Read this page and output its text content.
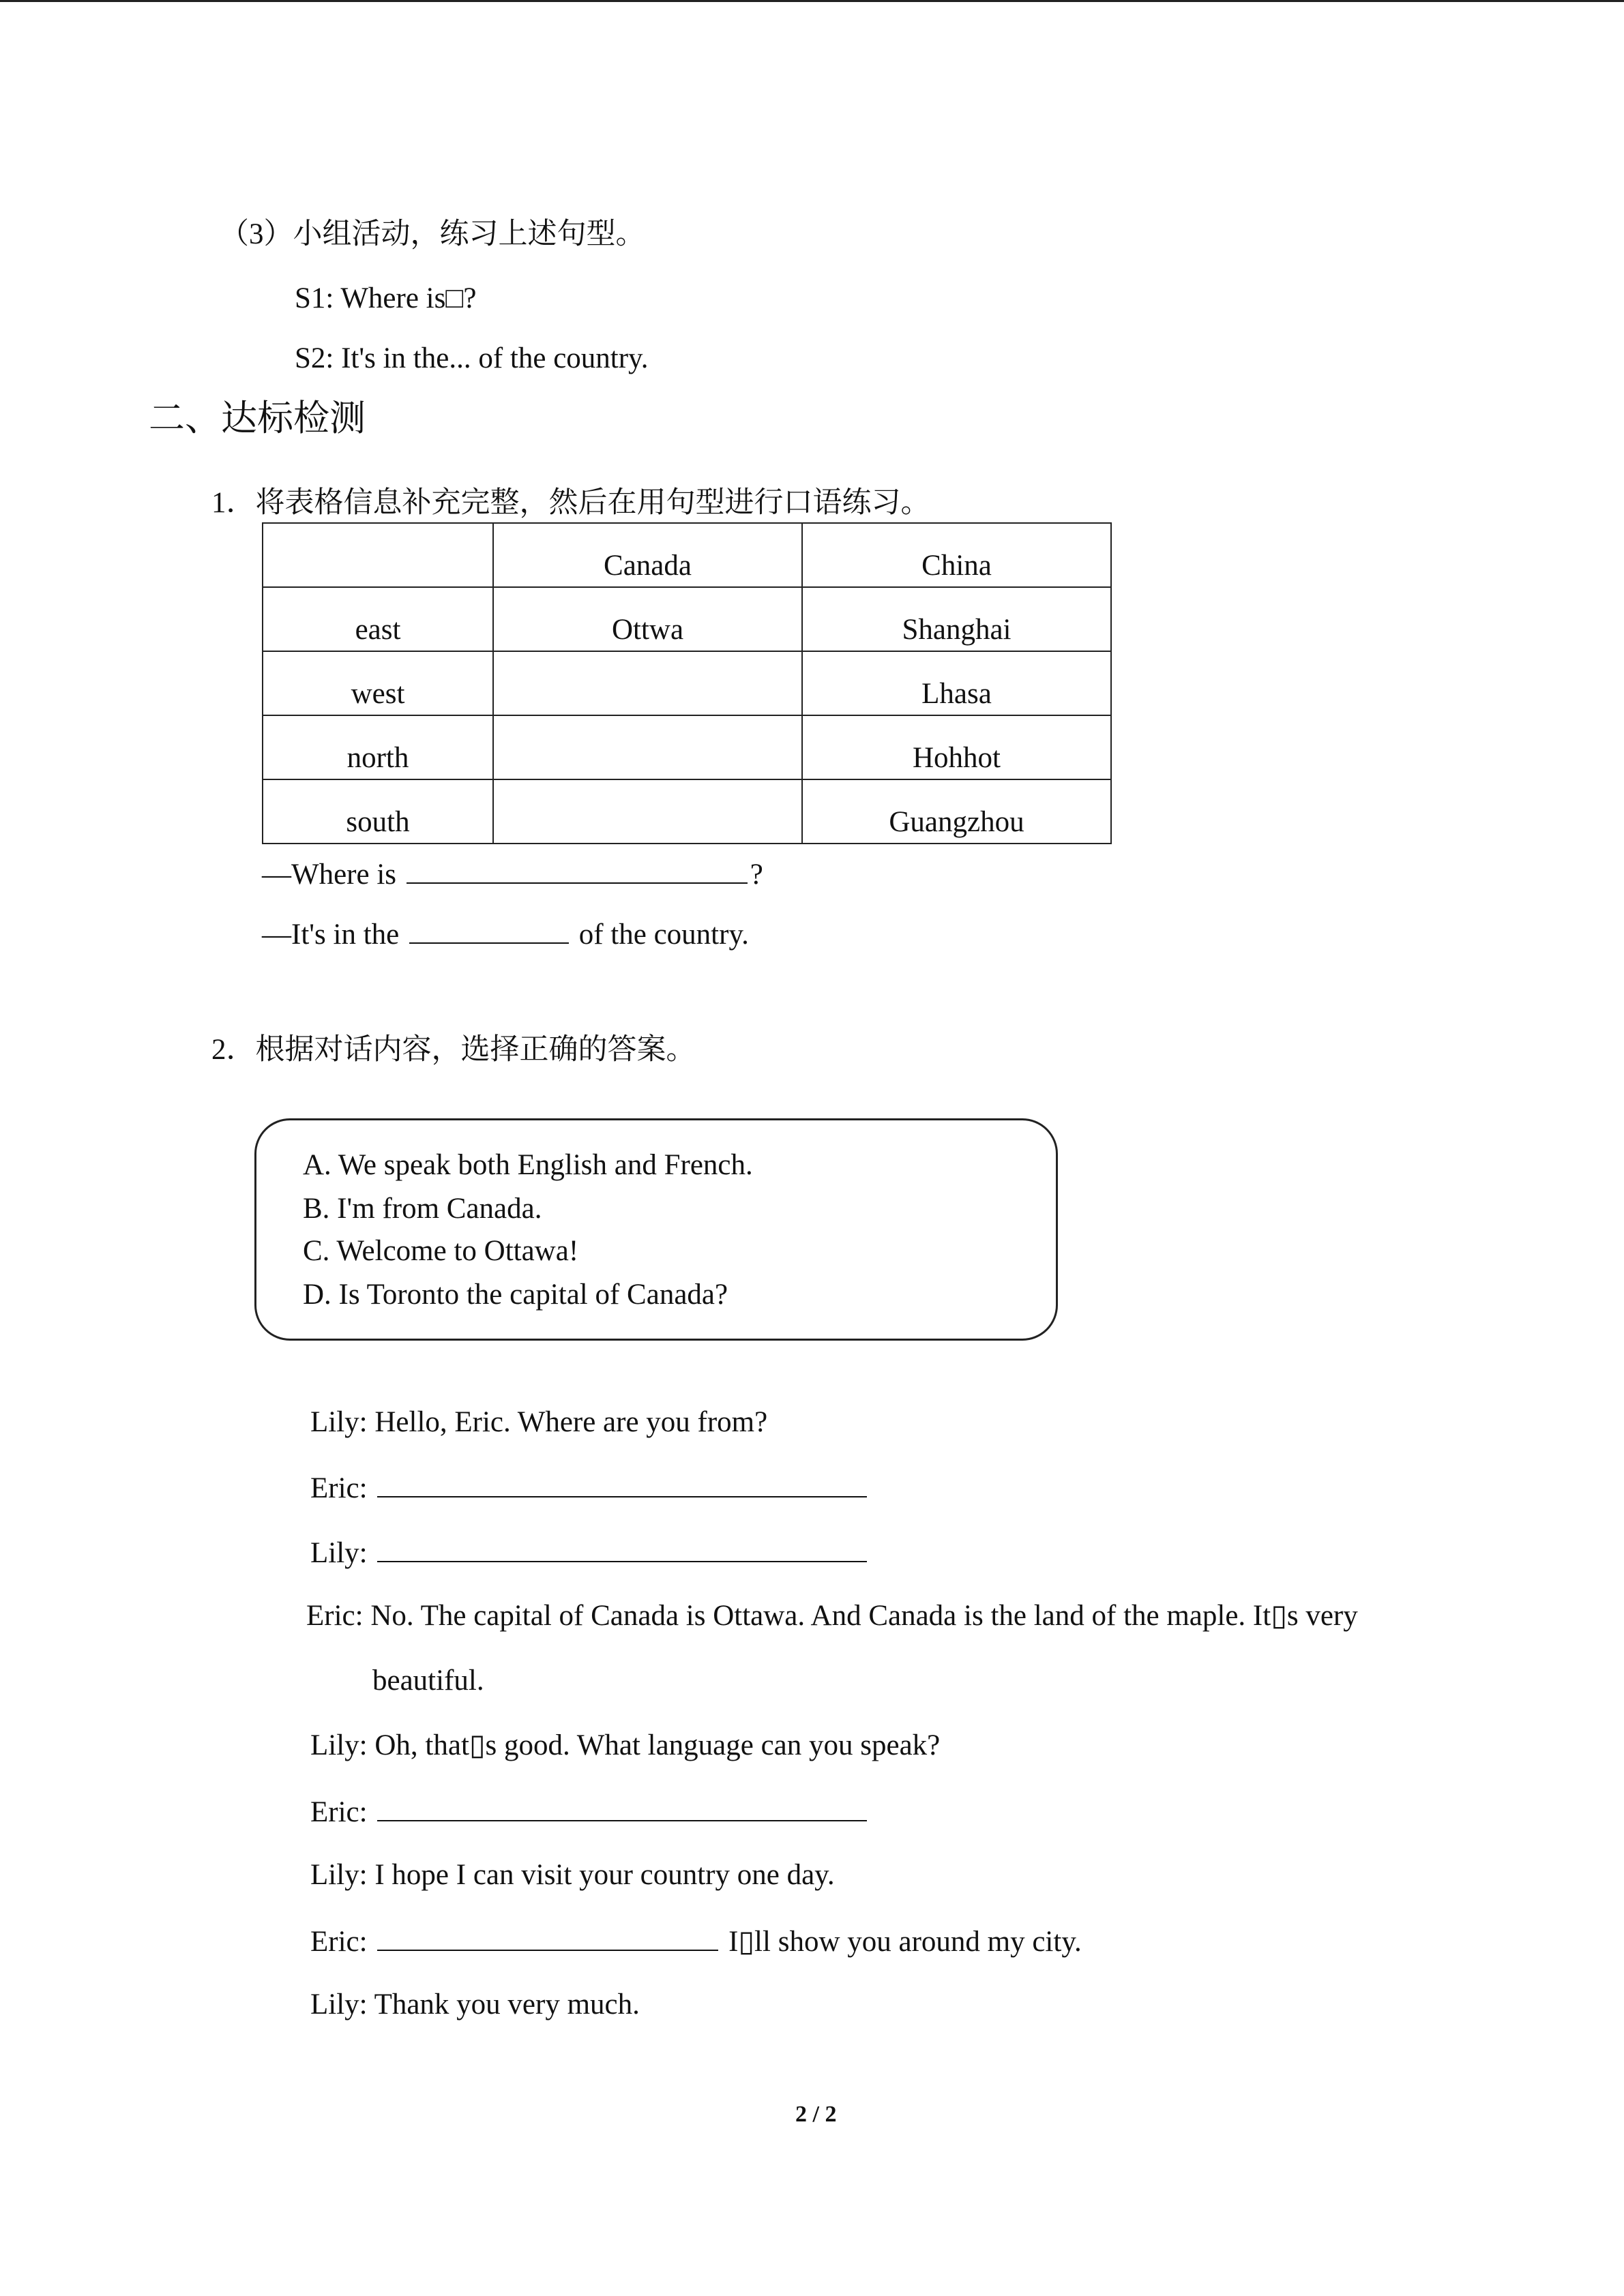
（3）小组活动，练习上述句型。
S1: Where is□?
S2: It's in the... of the country.
二、达标检测
1．将表格信息补充完整，然后在用句型进行口语练习。
	Canada	China
east	Ottwa	Shanghai
west		Lhasa
north		Hohhot
south		Guangzhou
—Where is	?
—It's in the	of the country.
2．根据对话内容，选择正确的答案。
A. We speak both English and French.
B. I'm from Canada.
C. Welcome to Ottawa!
D. Is Toronto the capital of Canada?
Lily: Hello, Eric. Where are you from?
Eric:
Lily:
Eric: No. The capital of Canada is Ottawa. And Canada is the land of the maple. It▯s very
beautiful.
Lily: Oh, that▯s good. What language can you speak?
Eric:
Lily: I hope I can visit your country one day.
Eric:	I▯ll show you around my city.
Lily: Thank you very much.
2 / 2
